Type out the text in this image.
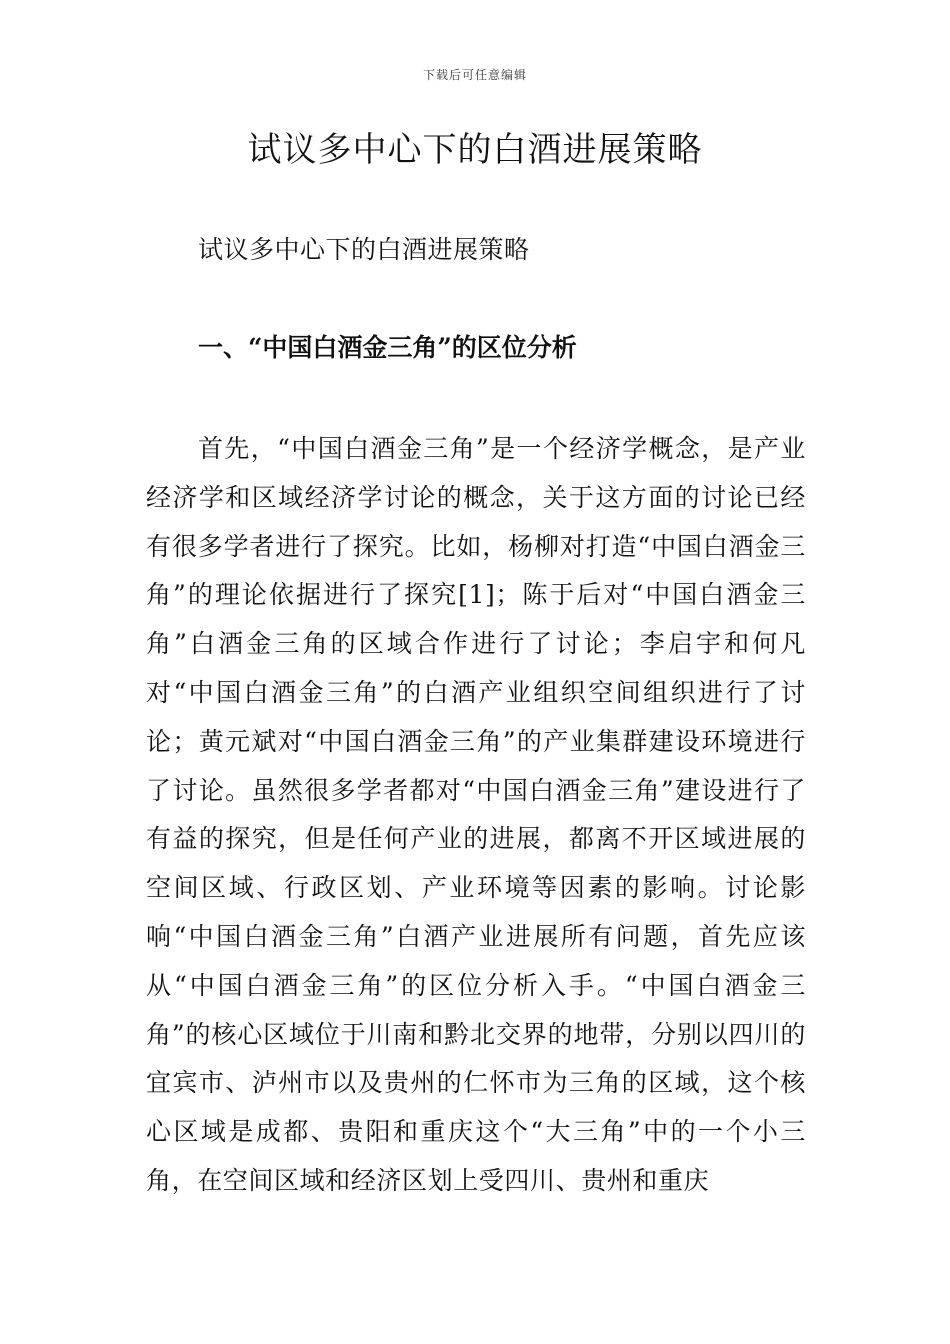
下载后可任意编辑
试议多中心下的白酒进展策略

试议多中心下的白酒进展策略

一、“中国白酒金三角”的区位分析

首先，“中国白酒金三角”是一个经济学概念，是产业经济学和区域经济学讨论的概念，关于这方面的讨论已经有很多学者进行了探究。比如，杨柳对打造“中国白酒金三角”的理论依据进行了探究[1]；陈于后对“中国白酒金三角”白酒金三角的区域合作进行了讨论；李启宇和何凡对“中国白酒金三角”的白酒产业组织空间组织进行了讨论；黄元斌对“中国白酒金三角”的产业集群建设环境进行了讨论。虽然很多学者都对“中国白酒金三角”建设进行了有益的探究，但是任何产业的进展，都离不开区域进展的空间区域、行政区划、产业环境等因素的影响。讨论影响“中国白酒金三角”白酒产业进展所有问题，首先应该从“中国白酒金三角”的区位分析入手。“中国白酒金三角”的核心区域位于川南和黔北交界的地带，分别以四川的宜宾市、泸州市以及贵州的仁怀市为三角的区域，这个核心区域是成都、贵阳和重庆这个“大三角”中的一个小三角，在空间区域和经济区划上受四川、贵州和重庆
